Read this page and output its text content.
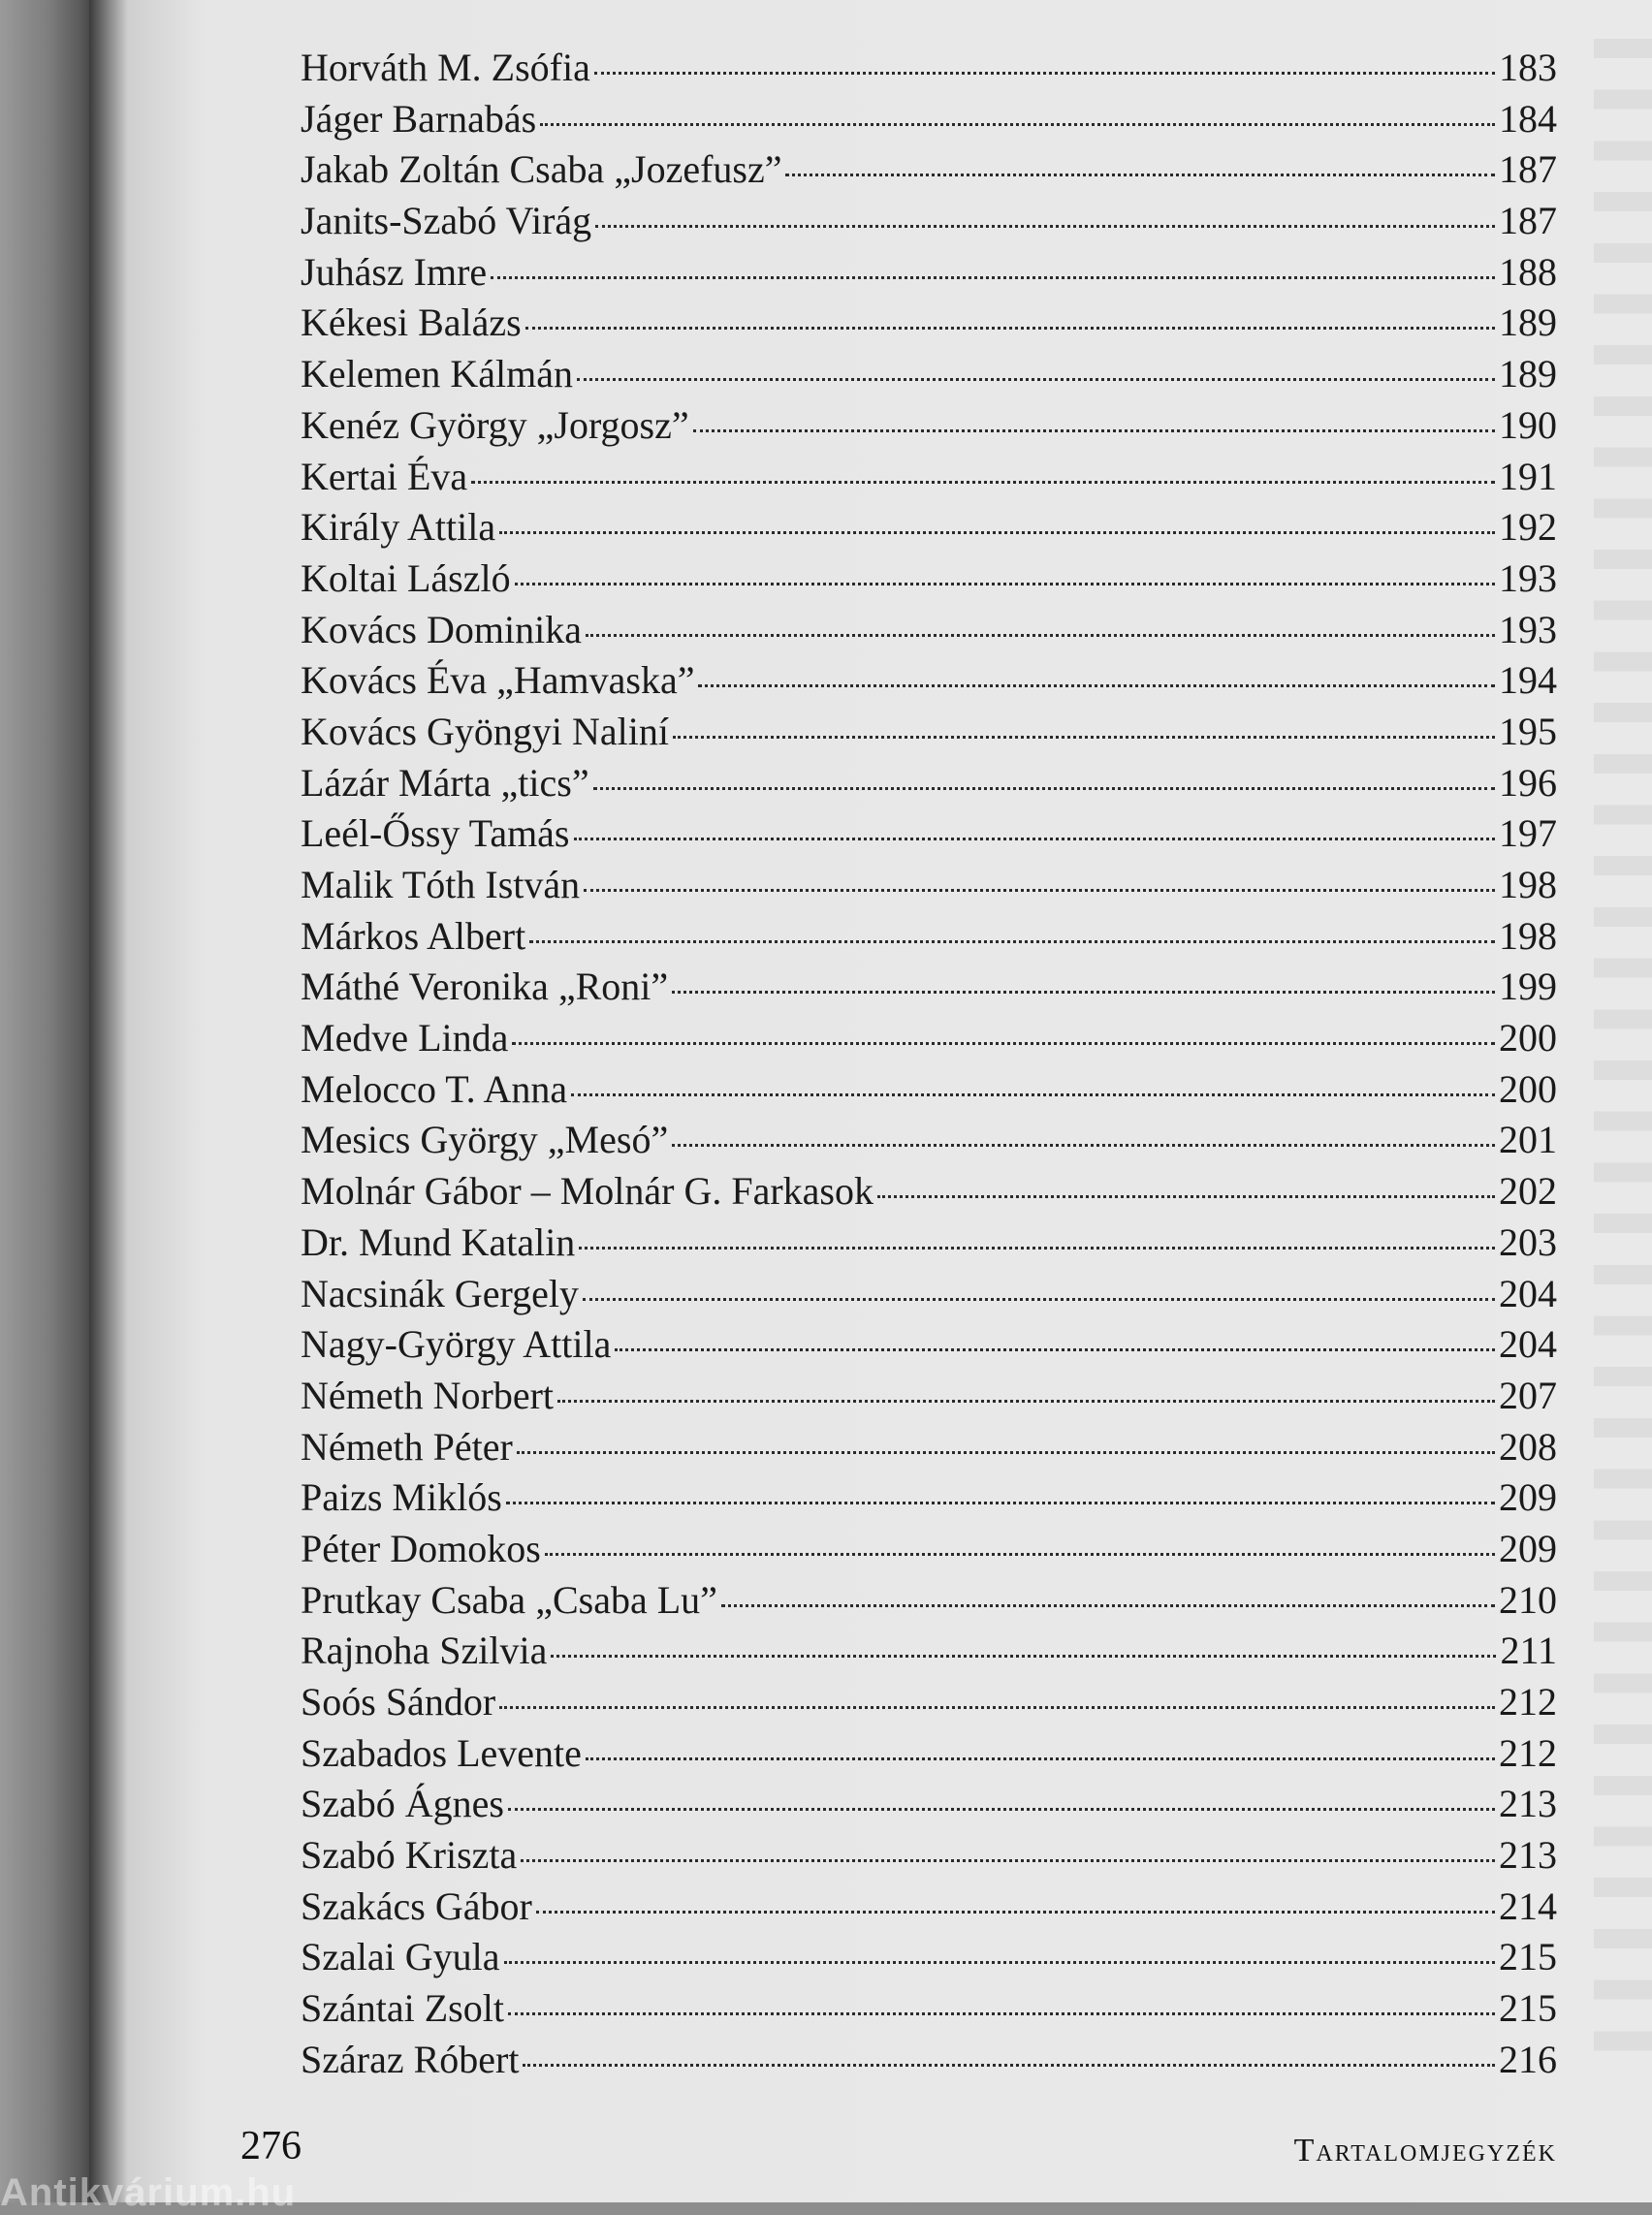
Horváth M. Zsófia	183
Jáger Barnabás	184
Jakab Zoltán Csaba „Jozefusz”	187
Janits-Szabó Virág	187
Juhász Imre	188
Kékesi Balázs	189
Kelemen Kálmán	189
Kenéz György „Jorgosz”	190
Kertai Éva	191
Király Attila	192
Koltai László	193
Kovács Dominika	193
Kovács Éva „Hamvaska”	194
Kovács Gyöngyi Naliní	195
Lázár Márta „tics”	196
Leél-Őssy Tamás	197
Malik Tóth István	198
Márkos Albert	198
Máthé Veronika „Roni”	199
Medve Linda	200
Melocco T. Anna	200
Mesics György „Mesó”	201
Molnár Gábor – Molnár G. Farkasok	202
Dr. Mund Katalin	203
Nacsinák Gergely	204
Nagy-György Attila	204
Németh Norbert	207
Németh Péter	208
Paizs Miklós	209
Péter Domokos	209
Prutkay Csaba „Csaba Lu”	210
Rajnoha Szilvia	211
Soós Sándor	212
Szabados Levente	212
Szabó Ágnes	213
Szabó Kriszta	213
Szakács Gábor	214
Szalai Gyula	215
Szántai Zsolt	215
Száraz Róbert	216
276	Tartalomjegyzék
Antikvárium.hu
